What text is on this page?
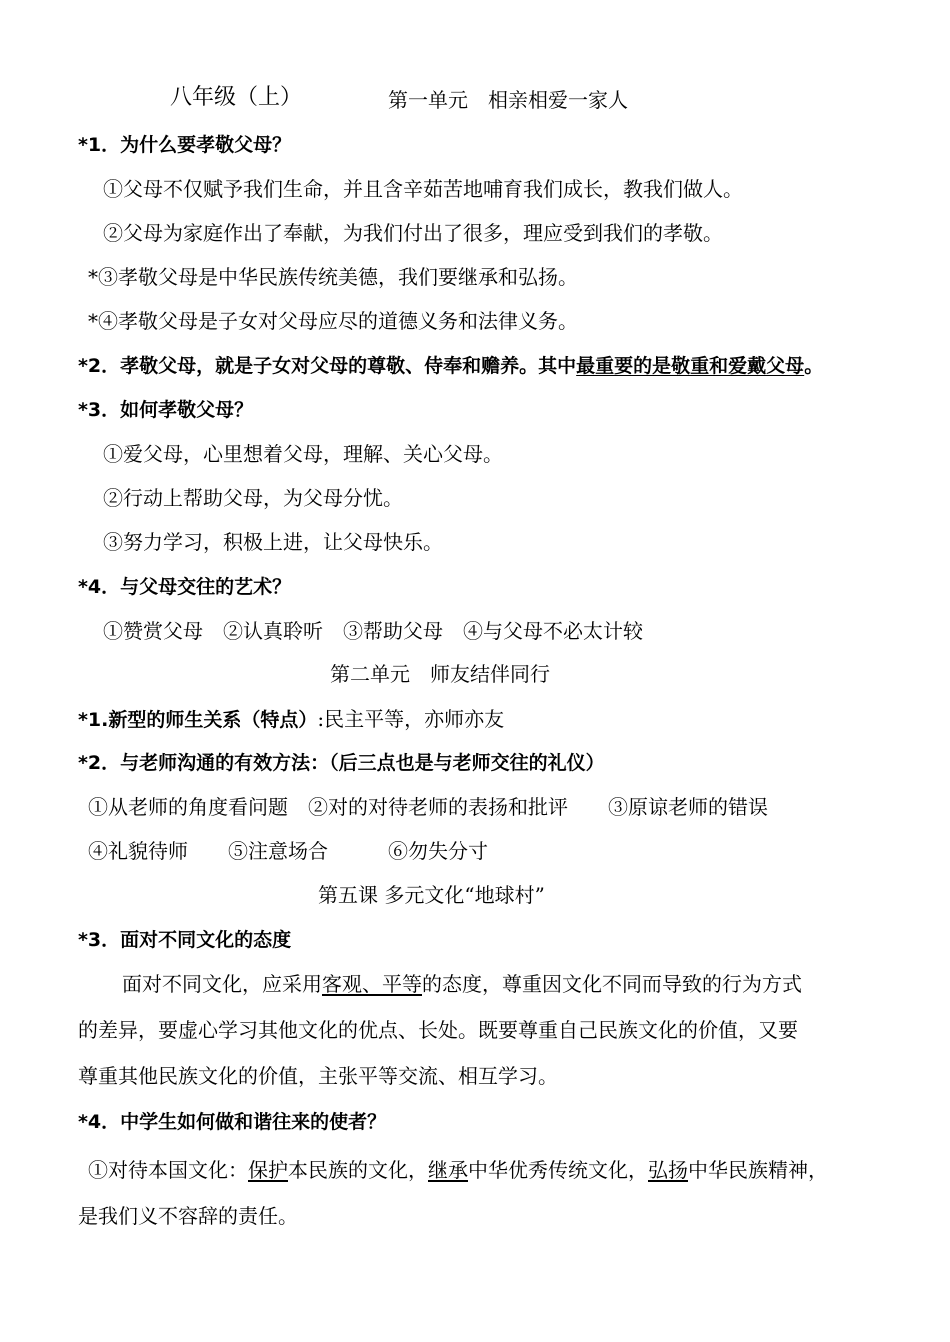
八年级（上）	第一单元　相亲相爱一家人
*1．为什么要孝敬父母？
①父母不仅赋予我们生命，并且含辛茹苦地哺育我们成长，教我们做人。
②父母为家庭作出了奉献，为我们付出了很多，理应受到我们的孝敬。
*③孝敬父母是中华民族传统美德，我们要继承和弘扬。
*④孝敬父母是子女对父母应尽的道德义务和法律义务。
*2．孝敬父母，就是子女对父母的尊敬、侍奉和赡养。其中最重要的是敬重和爱戴父母。
*3．如何孝敬父母？
①爱父母，心里想着父母，理解、关心父母。
②行动上帮助父母，为父母分忧。
③努力学习，积极上进，让父母快乐。
*4．与父母交往的艺术？
①赞赏父母　②认真聆听　③帮助父母　④与父母不必太计较
第二单元　师友结伴同行
*1.新型的师生关系（特点）:民主平等，亦师亦友
*2．与老师沟通的有效方法：（后三点也是与老师交往的礼仪）
①从老师的角度看问题　②对的对待老师的表扬和批评　　③原谅老师的错误
④礼貌待师　　⑤注意场合　　　⑥勿失分寸
第五课 多元文化“地球村”
*3．面对不同文化的态度
面对不同文化，应采用客观、平等的态度，尊重因文化不同而导致的行为方式
的差异，要虚心学习其他文化的优点、长处。既要尊重自己民族文化的价值，又要
尊重其他民族文化的价值，主张平等交流、相互学习。
*4．中学生如何做和谐往来的使者？
①对待本国文化：保护本民族的文化，继承中华优秀传统文化，弘扬中华民族精神，
是我们义不容辞的责任。
